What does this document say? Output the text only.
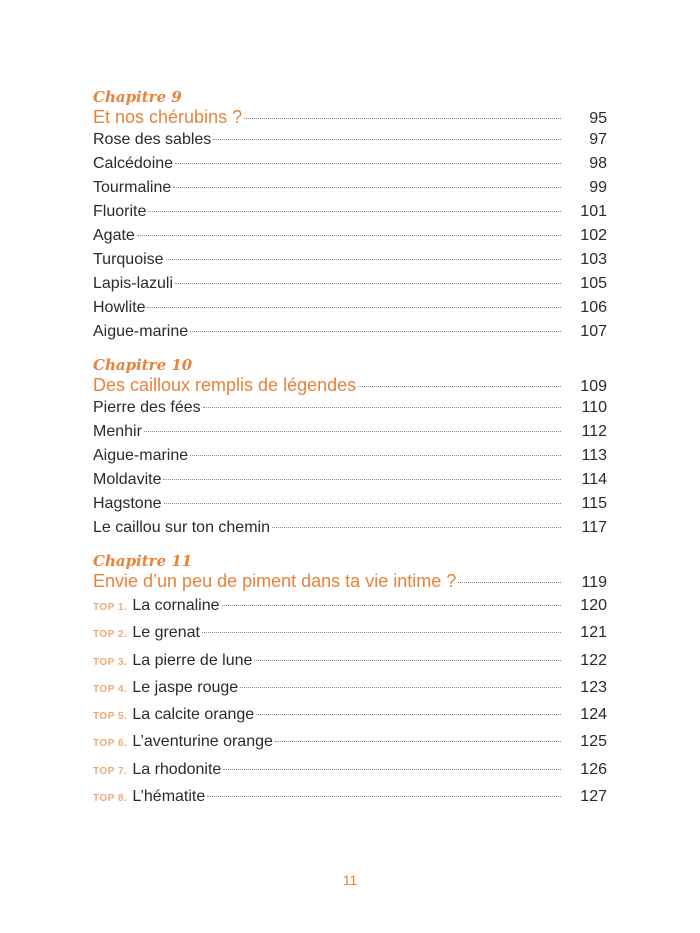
Chapitre 9
Et nos chérubins ?	95
Rose des sables	97
Calcédoine	98
Tourmaline	99
Fluorite	101
Agate	102
Turquoise	103
Lapis-lazuli	105
Howlite	106
Aigue-marine	107
Chapitre 10
Des cailloux remplis de légendes	109
Pierre des fées	110
Menhir	112
Aigue-marine	113
Moldavite	114
Hagstone	115
Le caillou sur ton chemin	117
Chapitre 11
Envie d’un peu de piment dans ta vie intime ?	119
TOP 1. La cornaline	120
TOP 2. Le grenat	121
TOP 3. La pierre de lune	122
TOP 4. Le jaspe rouge	123
TOP 5. La calcite orange	124
TOP 6. L’aventurine orange	125
TOP 7. La rhodonite	126
TOP 8. L’hématite	127
11
